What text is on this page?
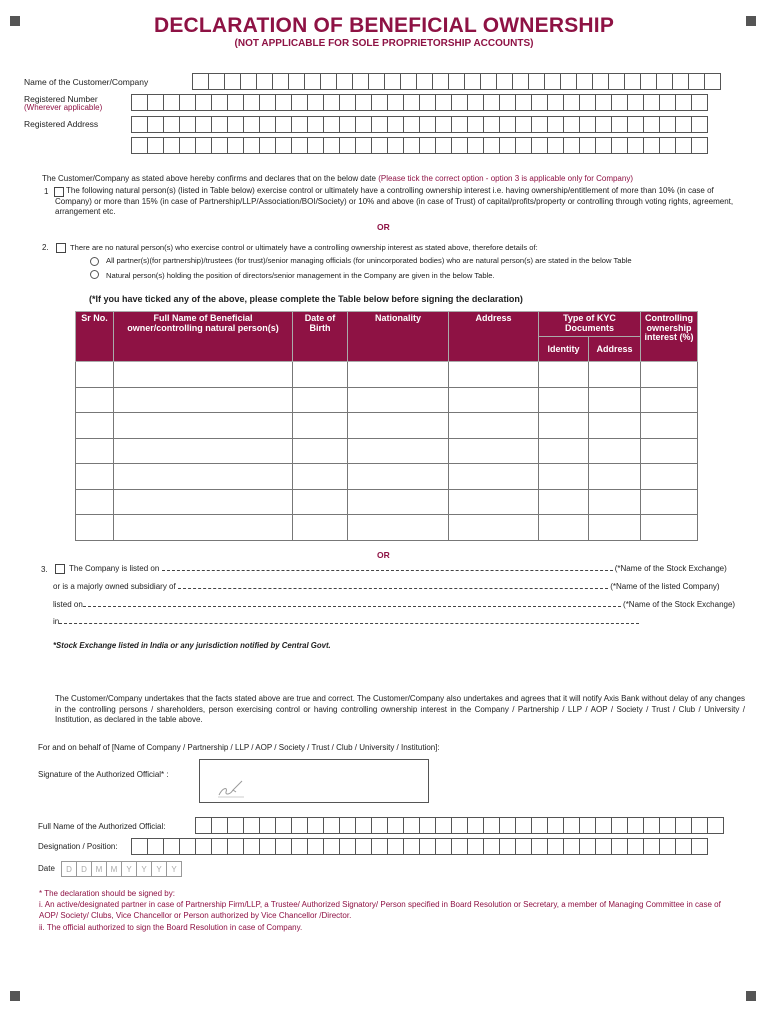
DECLARATION OF BENEFICIAL OWNERSHIP
(NOT APPLICABLE FOR SOLE PROPRIETORSHIP ACCOUNTS)
Name of the Customer/Company
Registered Number
(Wherever applicable)
Registered Address
The Customer/Company as stated above hereby confirms and declares that on the below date (Please tick the correct option - option 3 is applicable only for Company)
1	The following natural person(s) (listed in Table below) exercise control or ultimately have a controlling ownership interest i.e. having ownership/entitlement of more than 10% (in case of Company) or more than 15% (in case of Partnership/LLP/Association/BOI/Society) or 10% and above (in case of Trust) of capital/profits/property or controlling through voting rights, agreement, arrangement etc.
OR
2.	There are no natural person(s) who exercise control or ultimately have a controlling ownership interest as stated above, therefore details of:
All partner(s)(for partnership)/trustees (for trust)/senior managing officials (for unincorporated bodies) who are natural person(s) are stated in the below Table
Natural person(s) holding the position of directors/senior management in the Company are given in the below Table.
(*If you have ticked any of the above, please complete the Table below before signing the declaration)
Sr No.	Full Name of Beneficial owner/controlling natural person(s)	Date of Birth	Nationality	Address	Type of KYC Documents		Controlling ownership interest (%)
					Identity	Address	

OR
3.	The Company is listed on	(*Name of the Stock Exchange)
or is a majorly owned subsidiary of	(*Name of the listed Company)
listed on	(*Name of the Stock Exchange)
in
*Stock Exchange listed in India or any jurisdiction notified by Central Govt.
The Customer/Company undertakes that the facts stated above are true and correct. The Customer/Company also undertakes and agrees that it will notify Axis Bank without delay of any changes in the controlling persons / shareholders, person exercising control or having controlling ownership interest in the Company / Partnership / LLP / AOP / Society / Trust / Club / University / Institution, as declared in the table above.
For and on behalf of [Name of Company / Partnership / LLP / AOP / Society / Trust / Club / University / Institution]:
Signature of the Authorized Official* :
Full Name of the Authorized Official:
Designation / Position:
Date	D	D	M	M	Y	Y	Y	Y
* The declaration should be signed by:
i. An active/designated partner in case of Partnership Firm/LLP, a Trustee/ Authorized Signatory/ Person specified in Board Resolution or Secretary, a member of Managing Committee in case of AOP/ Society/ Clubs, Vice Chancellor or Person authorized by Vice Chancellor /Director.
ii. The official authorized to sign the Board Resolution in case of Company.
